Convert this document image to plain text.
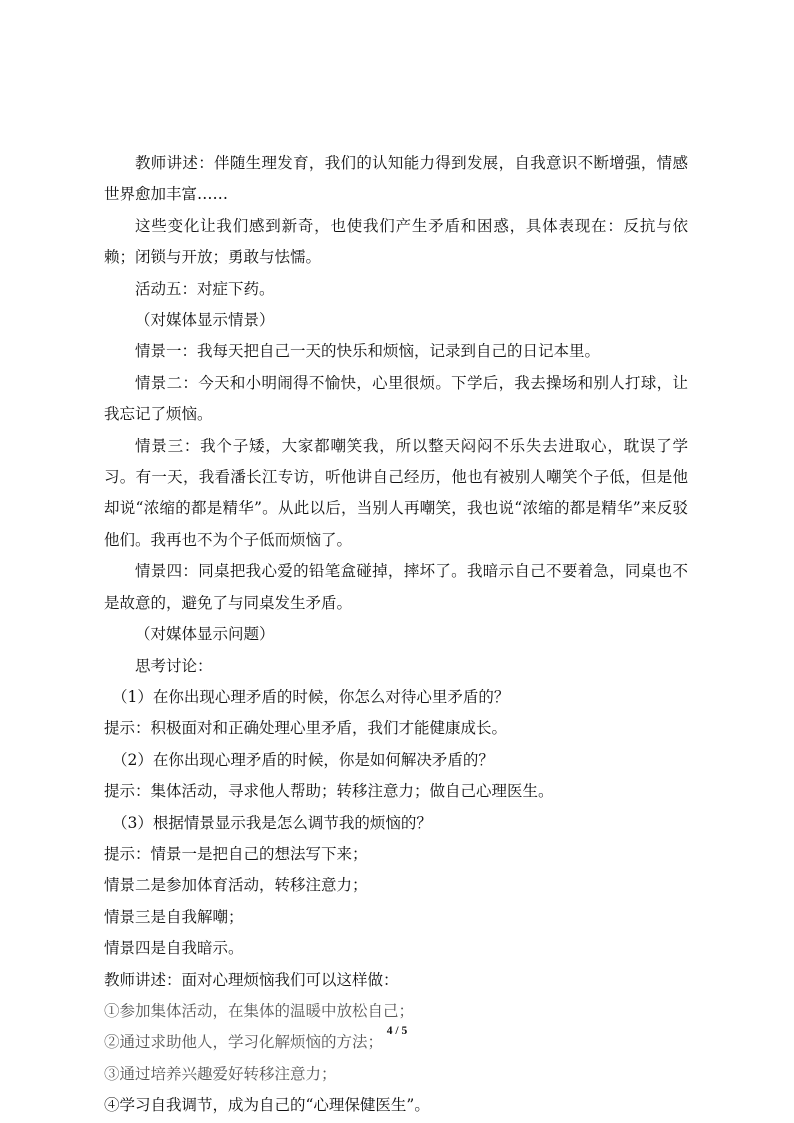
教师讲述：伴随生理发育，我们的认知能力得到发展，自我意识不断增强，情感世界愈加丰富……

这些变化让我们感到新奇，也使我们产生矛盾和困惑，具体表现在：反抗与依赖；闭锁与开放；勇敢与怯懦。

活动五：对症下药。

（对媒体显示情景）

情景一：我每天把自己一天的快乐和烦恼，记录到自己的日记本里。

情景二：今天和小明闹得不愉快，心里很烦。下学后，我去操场和别人打球，让我忘记了烦恼。

情景三：我个子矮，大家都嘲笑我，所以整天闷闷不乐失去进取心，耽误了学习。有一天，我看潘长江专访，听他讲自己经历，他也有被别人嘲笑个子低，但是他却说“浓缩的都是精华”。从此以后，当别人再嘲笑，我也说“浓缩的都是精华”来反驳他们。我再也不为个子低而烦恼了。

情景四：同桌把我心爱的铅笔盒碰掉，摔坏了。我暗示自己不要着急，同桌也不是故意的，避免了与同桌发生矛盾。

（对媒体显示问题）

思考讨论：

（1）在你出现心理矛盾的时候，你怎么对待心里矛盾的？

提示：积极面对和正确处理心里矛盾，我们才能健康成长。

（2）在你出现心理矛盾的时候，你是如何解决矛盾的？

提示：集体活动，寻求他人帮助；转移注意力；做自己心理医生。

（3）根据情景显示我是怎么调节我的烦恼的？

提示：情景一是把自己的想法写下来；

情景二是参加体育活动，转移注意力；

情景三是自我解嘲；

情景四是自我暗示。

教师讲述：面对心理烦恼我们可以这样做：

①参加集体活动，在集体的温暖中放松自己；

②通过求助他人，学习化解烦恼的方法；

③通过培养兴趣爱好转移注意力；

④学习自我调节，成为自己的“心理保健医生”。

4 / 5
